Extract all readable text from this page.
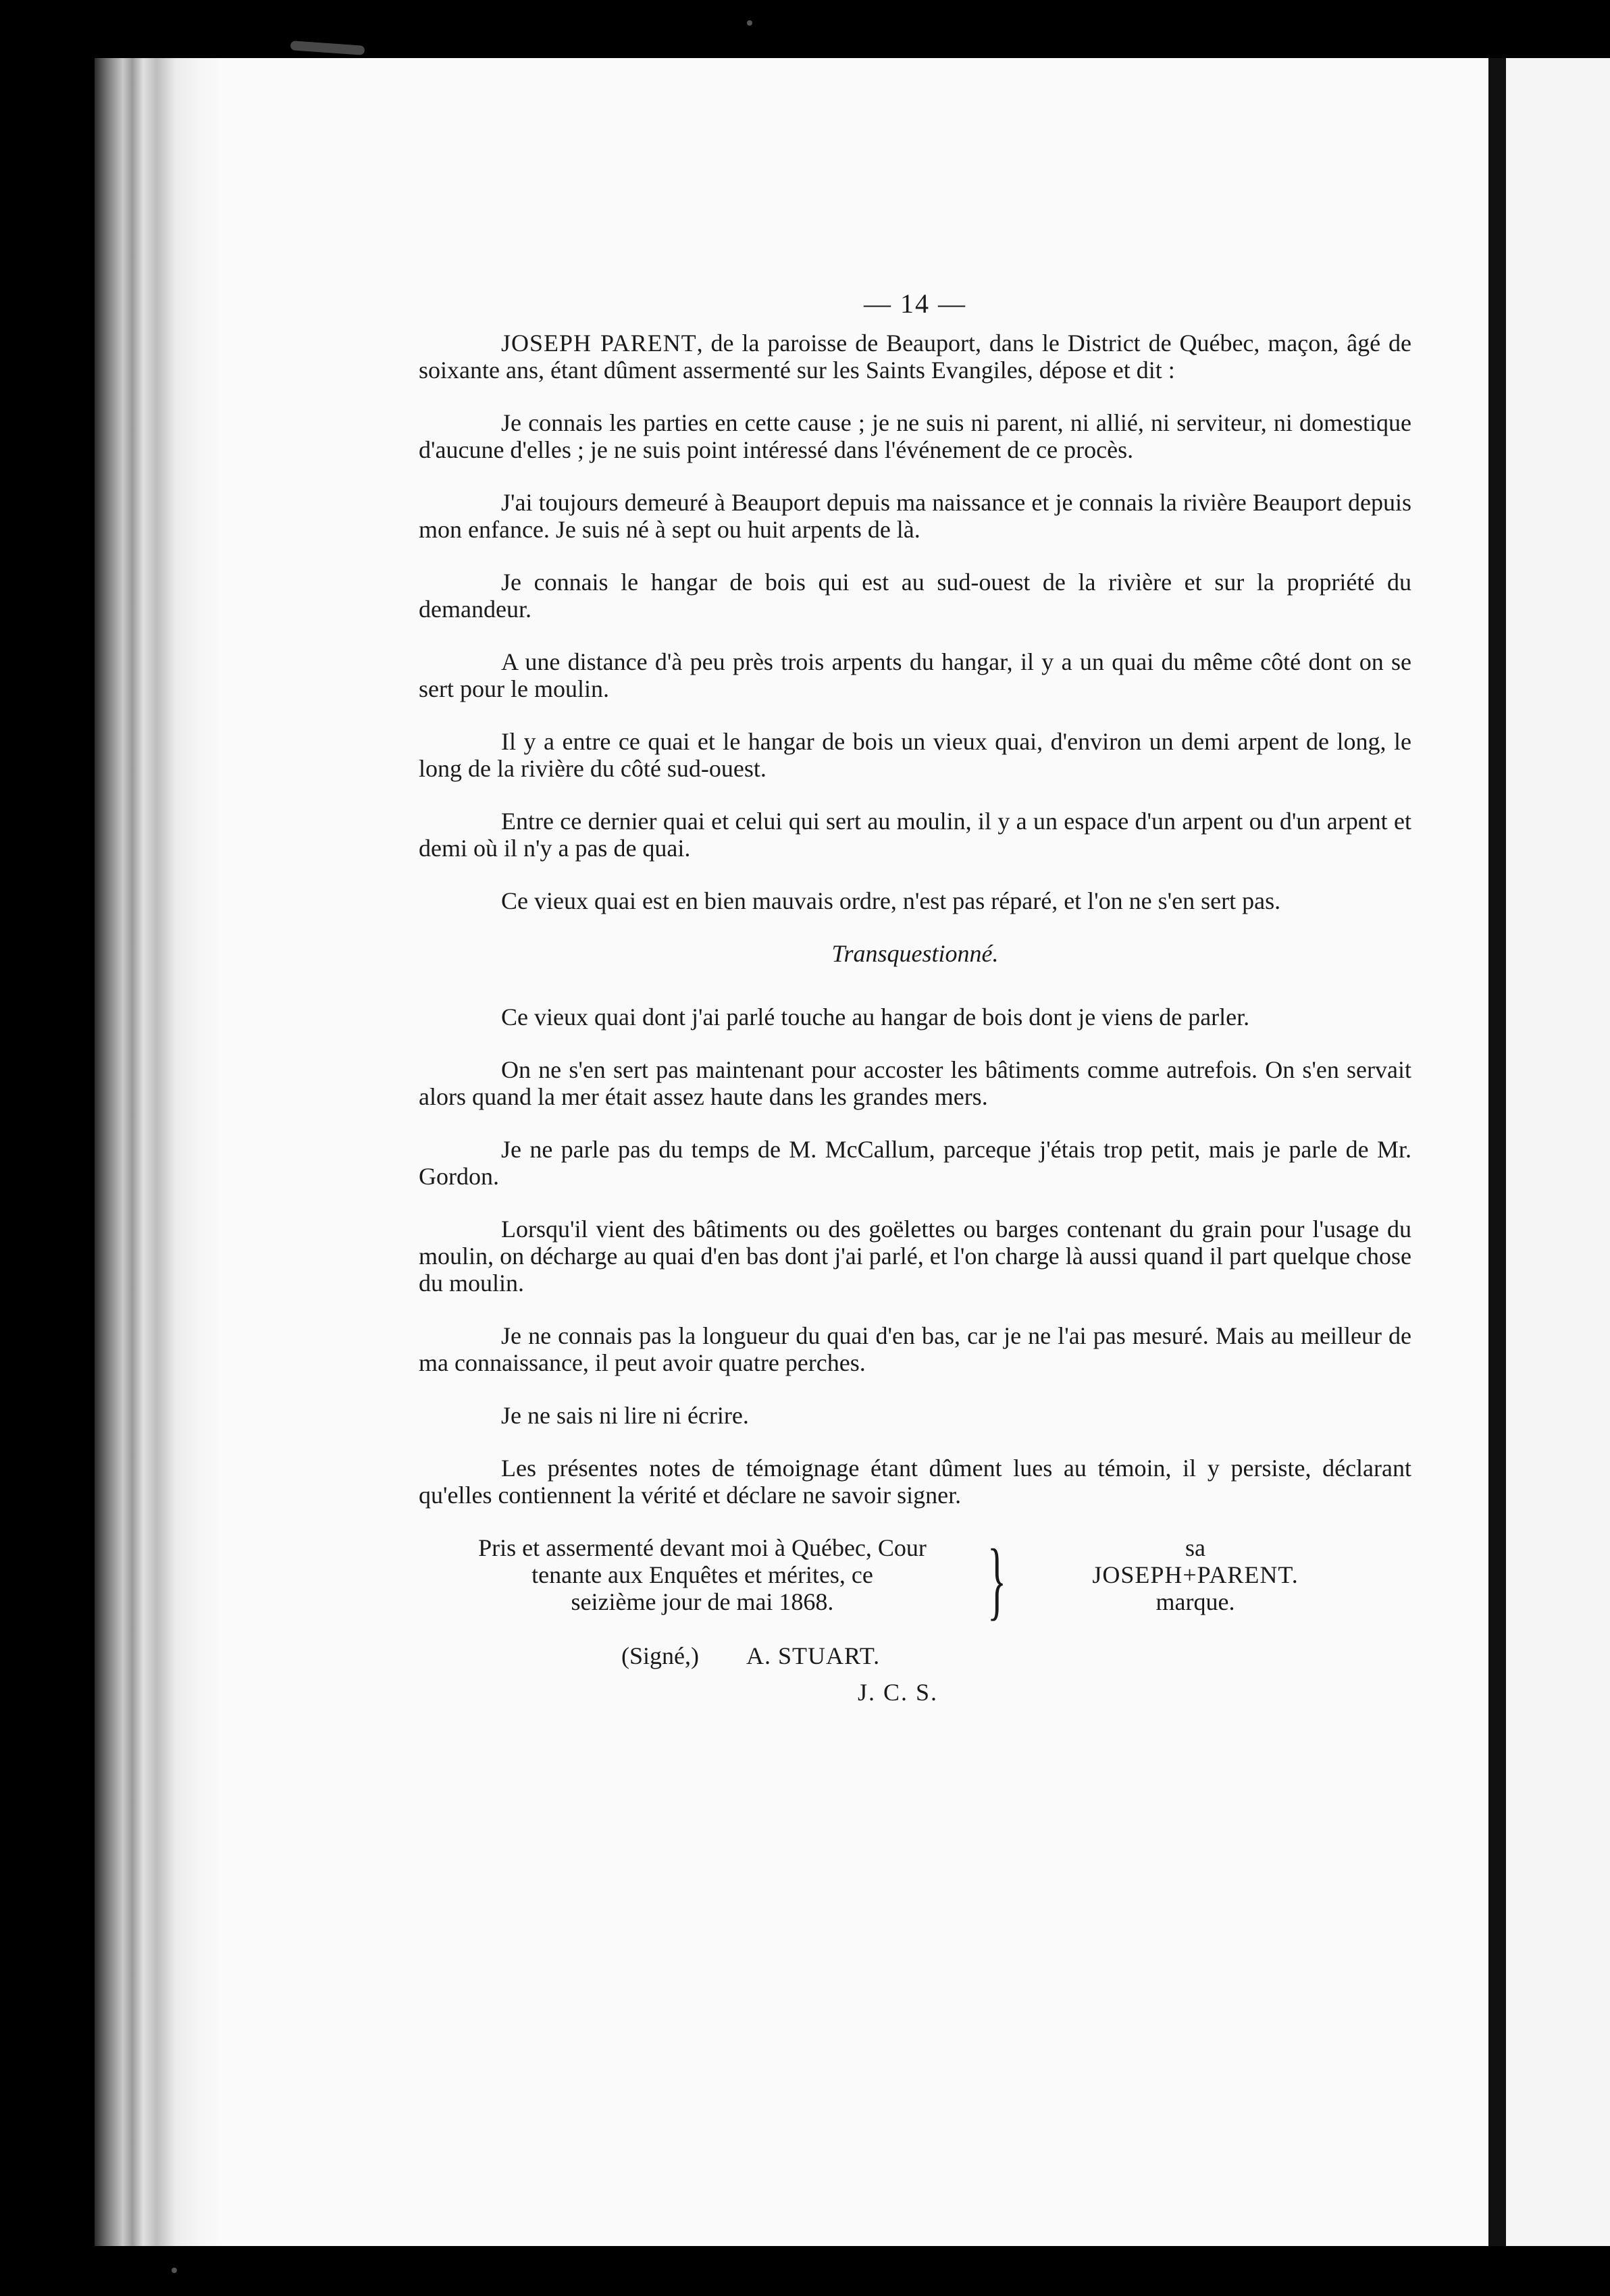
— 14 —

JOSEPH PARENT, de la paroisse de Beauport, dans le District de Québec, maçon, âgé de soixante ans, étant dûment assermenté sur les Saints Evangiles, dépose et dit :

Je connais les parties en cette cause ; je ne suis ni parent, ni allié, ni serviteur, ni domestique d'aucune d'elles ; je ne suis point intéressé dans l'événement de ce procès.

J'ai toujours demeuré à Beauport depuis ma naissance et je connais la rivière Beauport depuis mon enfance. Je suis né à sept ou huit arpents de là.

Je connais le hangar de bois qui est au sud-ouest de la rivière et sur la propriété du demandeur.

A une distance d'à peu près trois arpents du hangar, il y a un quai du même côté dont on se sert pour le moulin.

Il y a entre ce quai et le hangar de bois un vieux quai, d'environ un demi arpent de long, le long de la rivière du côté sud-ouest.

Entre ce dernier quai et celui qui sert au moulin, il y a un espace d'un arpent ou d'un arpent et demi où il n'y a pas de quai.

Ce vieux quai est en bien mauvais ordre, n'est pas réparé, et l'on ne s'en sert pas.

Transquestionné.

Ce vieux quai dont j'ai parlé touche au hangar de bois dont je viens de parler.

On ne s'en sert pas maintenant pour accoster les bâtiments comme autrefois. On s'en servait alors quand la mer était assez haute dans les grandes mers.

Je ne parle pas du temps de M. McCallum, parceque j'étais trop petit, mais je parle de Mr. Gordon.

Lorsqu'il vient des bâtiments ou des goëlettes ou barges contenant du grain pour l'usage du moulin, on décharge au quai d'en bas dont j'ai parlé, et l'on charge là aussi quand il part quelque chose du moulin.

Je ne connais pas la longueur du quai d'en bas, car je ne l'ai pas mesuré. Mais au meilleur de ma connaissance, il peut avoir quatre perches.

Je ne sais ni lire ni écrire.

Les présentes notes de témoignage étant dûment lues au témoin, il y persiste, déclarant qu'elles contiennent la vérité et déclare ne savoir signer.

Pris et assermenté devant moi à Québec, Cour
tenante aux Enquêtes et mérites, ce
seizième jour de mai 1868.	}	sa
JOSEPH+PARENT.
marque.
(Signé,) A. STUART.
J. C. S.
